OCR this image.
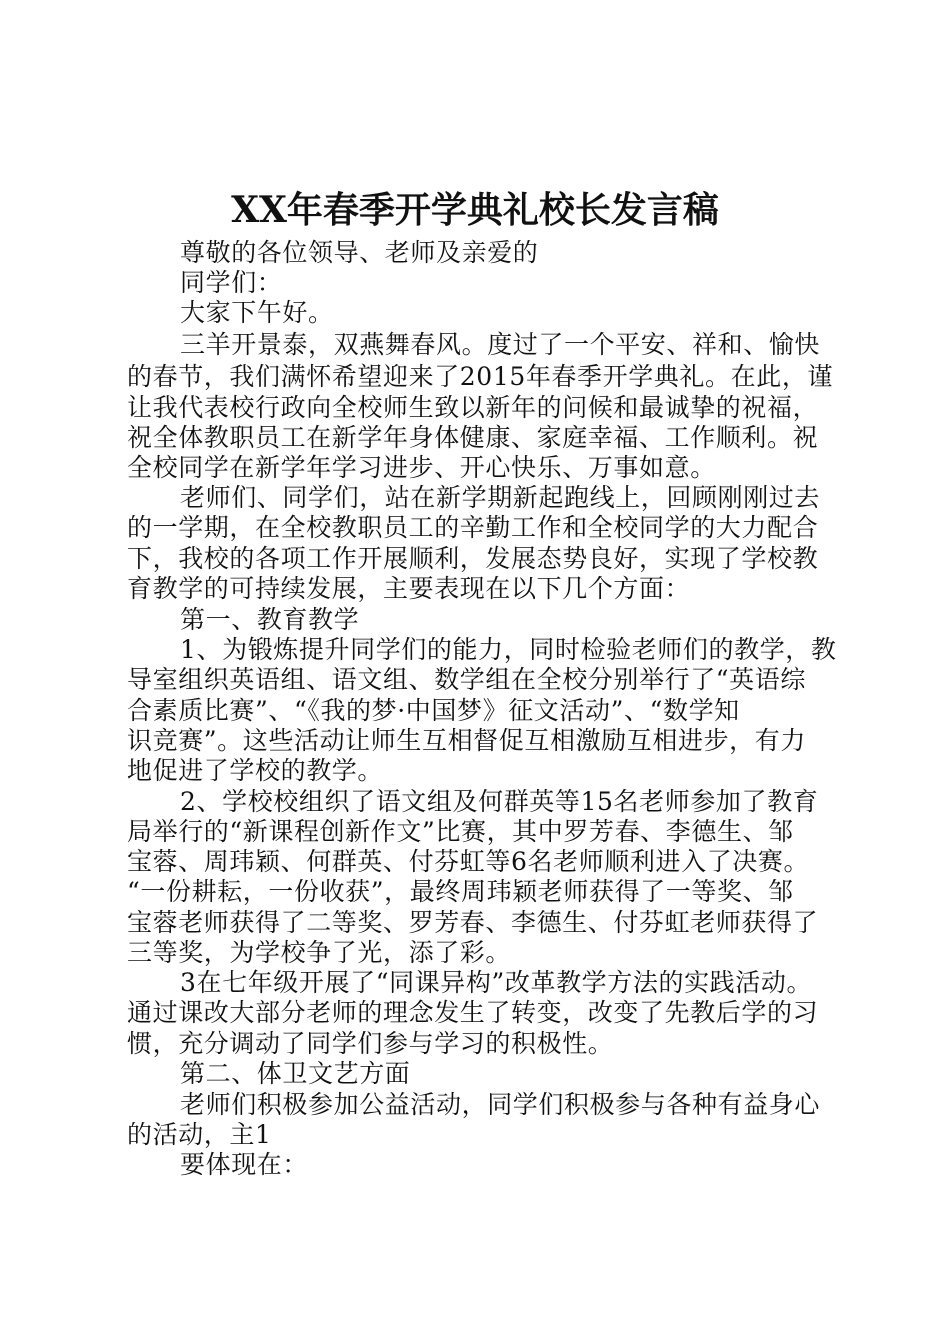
XX年春季开学典礼校长发言稿
尊敬的各位领导、老师及亲爱的
同学们：
大家下午好。
三羊开景泰，双燕舞春风。度过了一个平安、祥和、愉快
的春节，我们满怀希望迎来了2015年春季开学典礼。在此，谨
让我代表校行政向全校师生致以新年的问候和最诚挚的祝福，
祝全体教职员工在新学年身体健康、家庭幸福、工作顺利。祝
全校同学在新学年学习进步、开心快乐、万事如意。
老师们、同学们，站在新学期新起跑线上，回顾刚刚过去
的一学期，在全校教职员工的辛勤工作和全校同学的大力配合
下，我校的各项工作开展顺利，发展态势良好，实现了学校教
育教学的可持续发展，主要表现在以下几个方面：
第一、教育教学
1、为锻炼提升同学们的能力，同时检验老师们的教学，教
导室组织英语组、语文组、数学组在全校分别举行了“英语综
合素质比赛”、“《我的梦·中国梦》征文活动”、“数学知
识竞赛”。这些活动让师生互相督促互相激励互相进步，有力
地促进了学校的教学。
2、学校校组织了语文组及何群英等15名老师参加了教育
局举行的“新课程创新作文”比赛，其中罗芳春、李德生、邹
宝蓉、周玮颖、何群英、付芬虹等6名老师顺利进入了决赛。
“一份耕耘，一份收获”，最终周玮颖老师获得了一等奖、邹
宝蓉老师获得了二等奖、罗芳春、李德生、付芬虹老师获得了
三等奖，为学校争了光，添了彩。
3在七年级开展了“同课异构”改革教学方法的实践活动。
通过课改大部分老师的理念发生了转变，改变了先教后学的习
惯，充分调动了同学们参与学习的积极性。
第二、体卫文艺方面
老师们积极参加公益活动，同学们积极参与各种有益身心
的活动，主1
要体现在：
